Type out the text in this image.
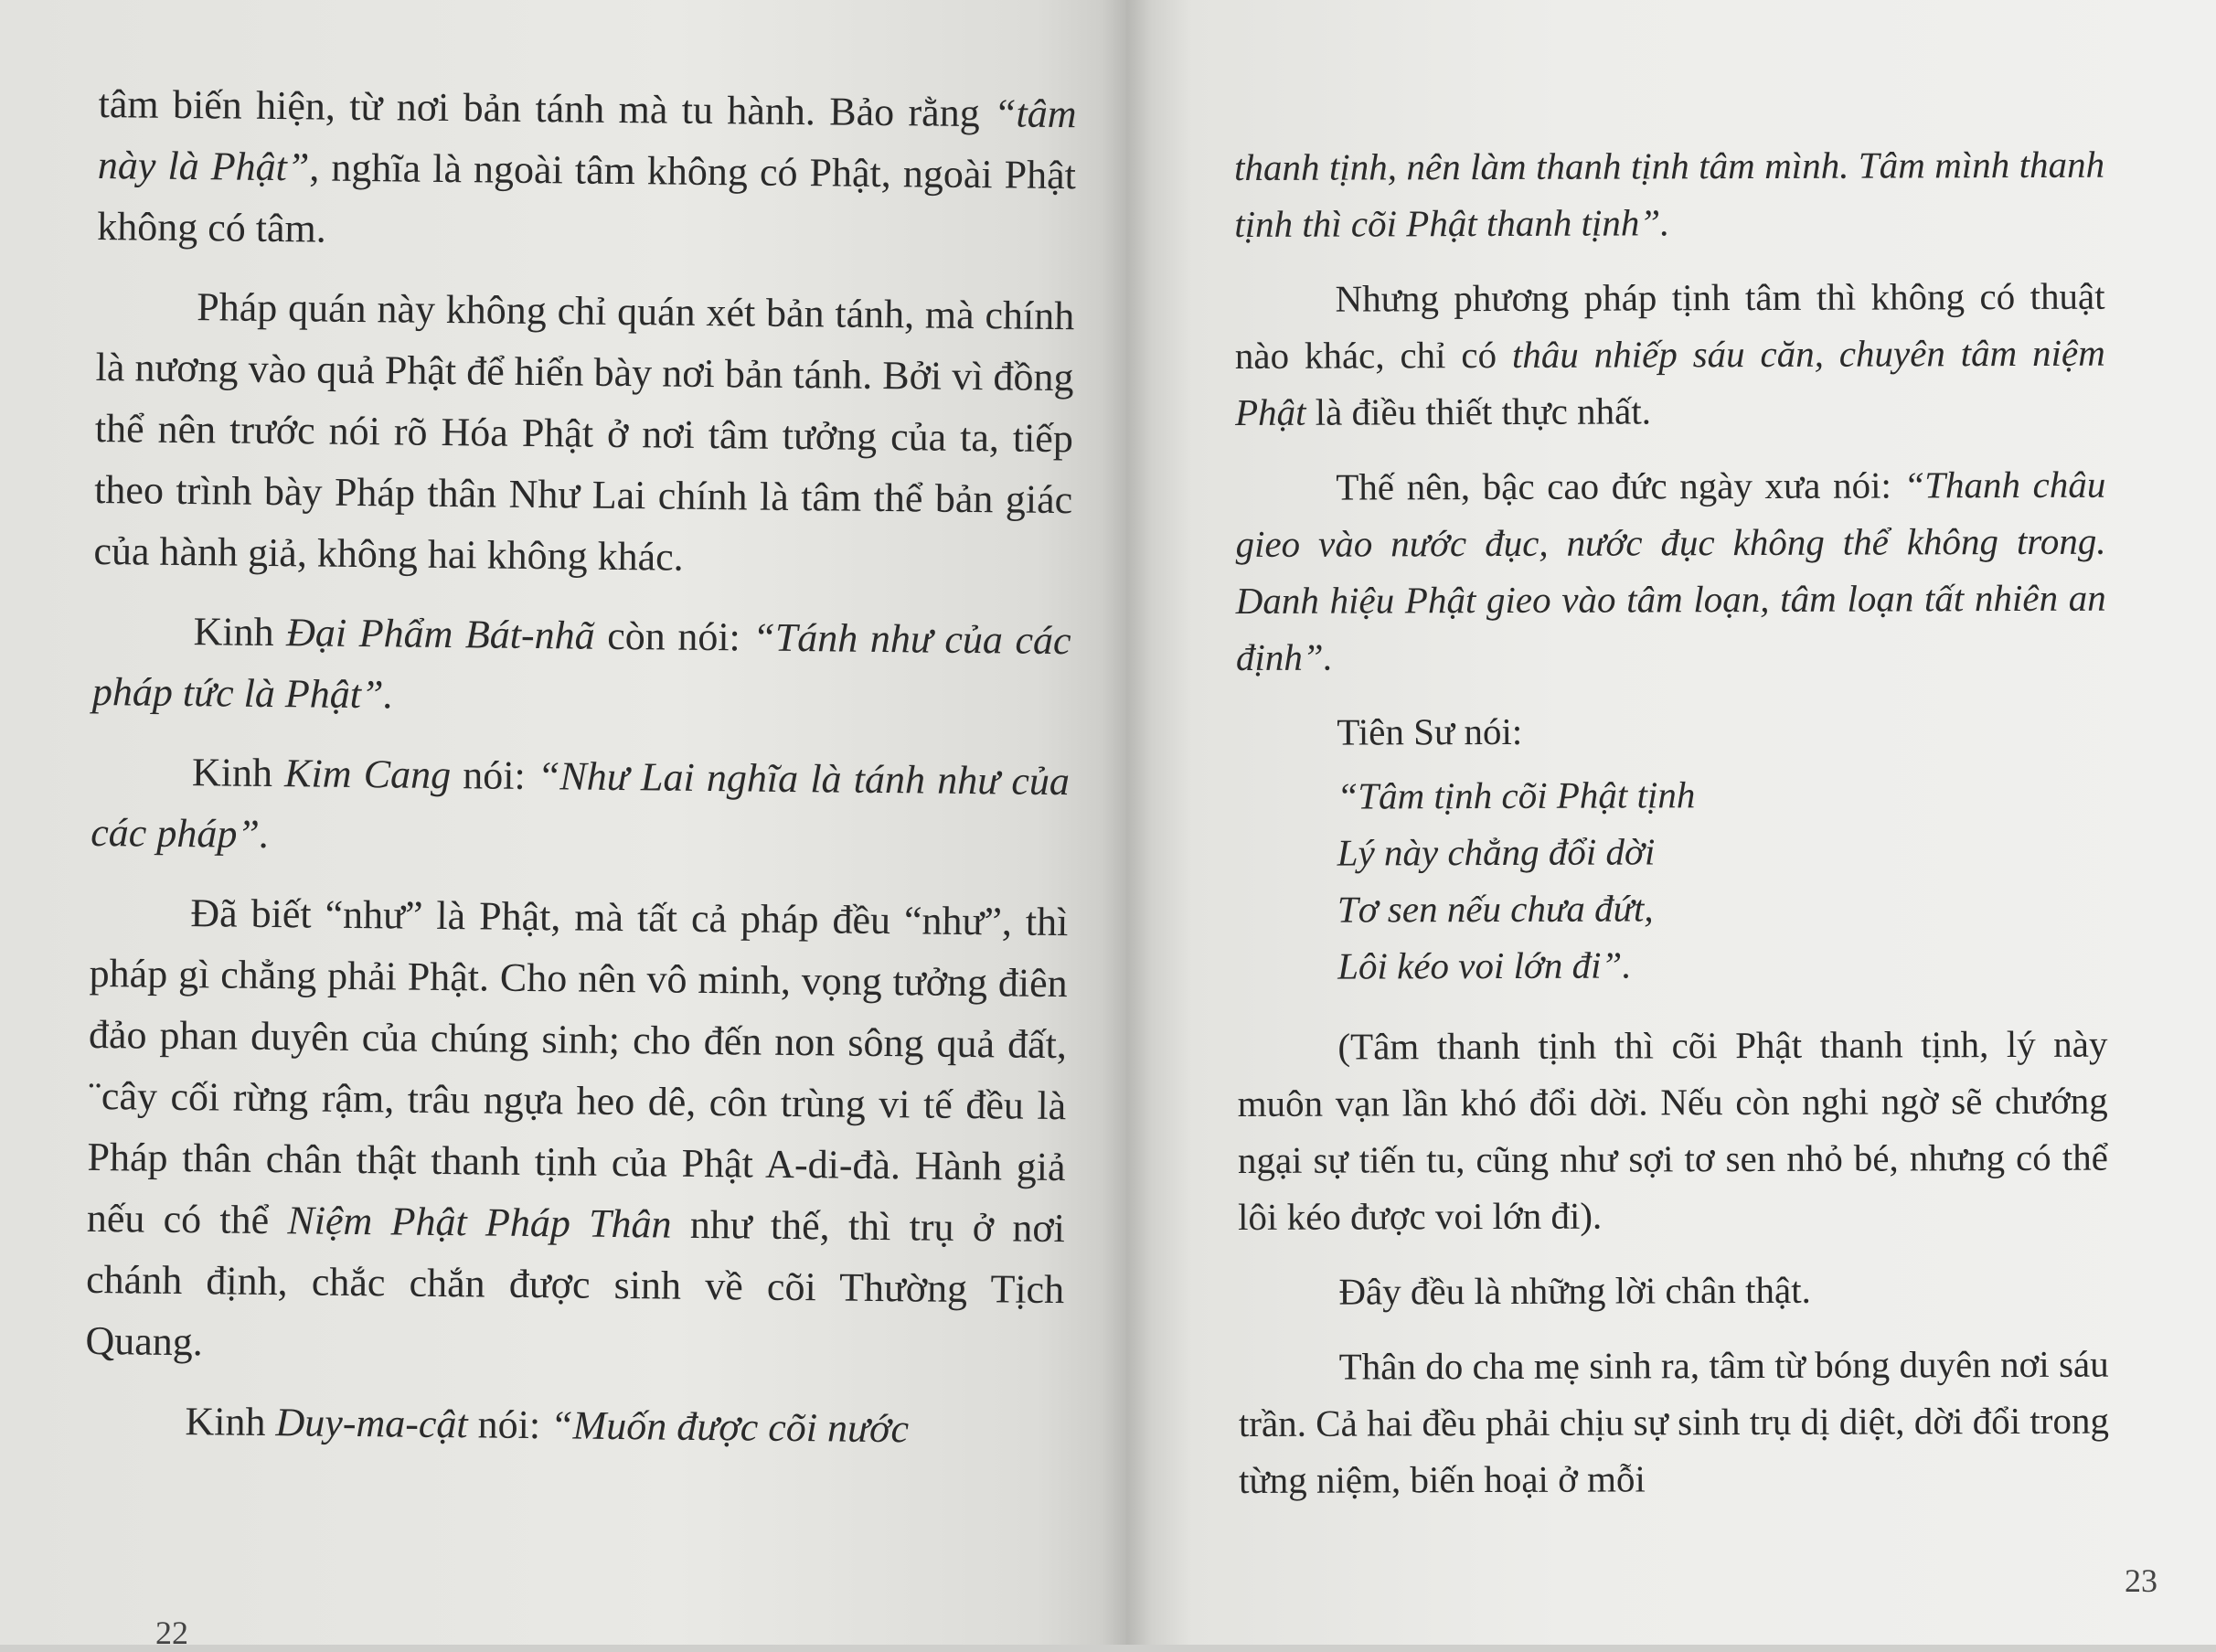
tâm biến hiện, từ nơi bản tánh mà tu hành. Bảo rằng “tâm này là Phật”, nghĩa là ngoài tâm không có Phật, ngoài Phật không có tâm.

Pháp quán này không chỉ quán xét bản tánh, mà chính là nương vào quả Phật để hiển bày nơi bản tánh. Bởi vì đồng thể nên trước nói rõ Hóa Phật ở nơi tâm tưởng của ta, tiếp theo trình bày Pháp thân Như Lai chính là tâm thể bản giác của hành giả, không hai không khác.

Kinh Đại Phẩm Bát-nhã còn nói: “Tánh như của các pháp tức là Phật”.

Kinh Kim Cang nói: “Như Lai nghĩa là tánh như của các pháp”.

Đã biết “như” là Phật, mà tất cả pháp đều “như”, thì pháp gì chẳng phải Phật. Cho nên vô minh, vọng tưởng điên đảo phan duyên của chúng sinh; cho đến non sông quả đất, ¨cây cối rừng rậm, trâu ngựa heo dê, côn trùng vi tế đều là Pháp thân chân thật thanh tịnh của Phật A-di-đà. Hành giả nếu có thể Niệm Phật Pháp Thân như thế, thì trụ ở nơi chánh định, chắc chắn được sinh về cõi Thường Tịch Quang.

Kinh Duy-ma-cật nói: “Muốn được cõi nước

22

thanh tịnh, nên làm thanh tịnh tâm mình. Tâm mình thanh tịnh thì cõi Phật thanh tịnh”.

Nhưng phương pháp tịnh tâm thì không có thuật nào khác, chỉ có thâu nhiếp sáu căn, chuyên tâm niệm Phật là điều thiết thực nhất.

Thế nên, bậc cao đức ngày xưa nói: “Thanh châu gieo vào nước đục, nước đục không thể không trong. Danh hiệu Phật gieo vào tâm loạn, tâm loạn tất nhiên an định”.

Tiên Sư nói:

“Tâm tịnh cõi Phật tịnh
Lý này chẳng đổi dời
Tơ sen nếu chưa đứt,
Lôi kéo voi lớn đi”.

(Tâm thanh tịnh thì cõi Phật thanh tịnh, lý này muôn vạn lần khó đổi dời. Nếu còn nghi ngờ sẽ chướng ngại sự tiến tu, cũng như sợi tơ sen nhỏ bé, nhưng có thể lôi kéo được voi lớn đi).

Đây đều là những lời chân thật.

Thân do cha mẹ sinh ra, tâm từ bóng duyên nơi sáu trần. Cả hai đều phải chịu sự sinh trụ dị diệt, dời đổi trong từng niệm, biến hoại ở mỗi

23
